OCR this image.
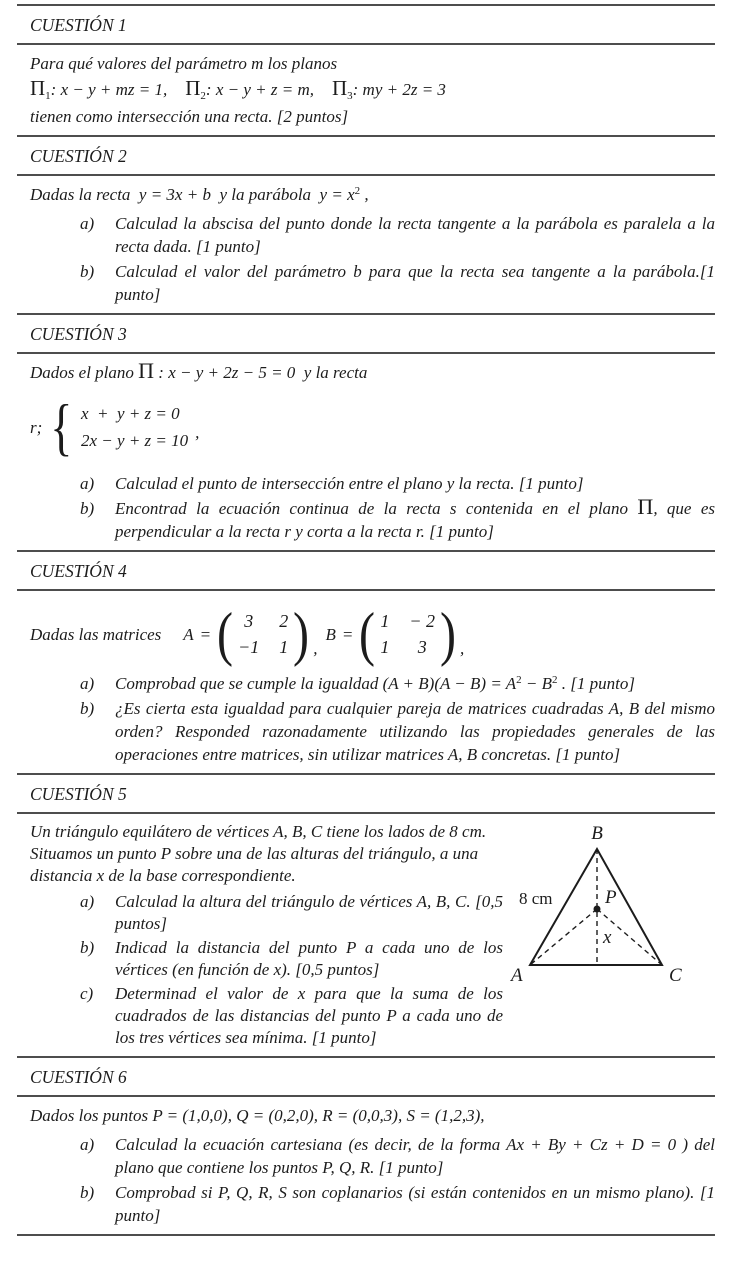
CUESTIÓN 1

Para qué valores del parámetro m los planos

$\Pi_1$: x − y + mz = 1, $\Pi_2$: x − y + z = m, $\Pi_3$: my + 2z = 3

tienen como intersección una recta. [2 puntos]

CUESTIÓN 2

Dadas la recta  y = 3x + b  y la parábola  $y = x^2$ ,

a)	Calculad la abscisa del punto donde la recta tangente a la parábola es paralela a la recta dada. [1 punto]
b)	Calculad el valor del parámetro b para que la recta sea tangente a la parábola.[1 punto]
CUESTIÓN 3

Dados el plano Π : x − y + 2z − 5 = 0  y la recta

r; { x  +  y + z = 0
2x − y + z = 10 ,
a)	Calculad el punto de intersección entre el plano y la recta. [1 punto]
b)	Encontrad la ecuación continua de la recta s contenida en el plano Π, que es perpendicular a la recta r y corta a la recta r. [1 punto]
CUESTIÓN 4
Dadas las matrices A = ( 3 2
−1 1 ) ,
B = ( 1 − 2
1 3 ) ,
a)	Comprobad que se cumple la igualdad $(A + B)(A - B) = A^2 - B^2$ . [1 punto]
b)	¿Es cierta esta igualdad para cualquier pareja de matrices cuadradas A, B del mismo orden? Responded razonadamente utilizando las propiedades generales de las operaciones entre matrices, sin utilizar matrices A, B concretas. [1 punto]
CUESTIÓN 5

Un triángulo equilátero de vértices A, B, C tiene los lados de 8 cm. Situamos un punto P sobre una de las alturas del triángulo, a una distancia x de la base correspondiente.

a)	Calculad la altura del triángulo de vértices A, B, C. [0,5 puntos]
b)	Indicad la distancia del punto P a cada uno de los vértices (en función de x). [0,5 puntos]
c)	Determinad el valor de x para que la suma de los cuadrados de las distancias del punto P a cada uno de los tres vértices sea mínima. [1 punto]
B
A	C
P
x
8 cm
CUESTIÓN 6

Dados los puntos P = (1,0,0), Q = (0,2,0), R = (0,0,3), S = (1,2,3),

a)	Calculad la ecuación cartesiana (es decir, de la forma Ax + By + Cz + D = 0 ) del plano que contiene los puntos P, Q, R. [1 punto]
b)	Comprobad si P, Q, R, S son coplanarios (si están contenidos en un mismo plano). [1 punto]
